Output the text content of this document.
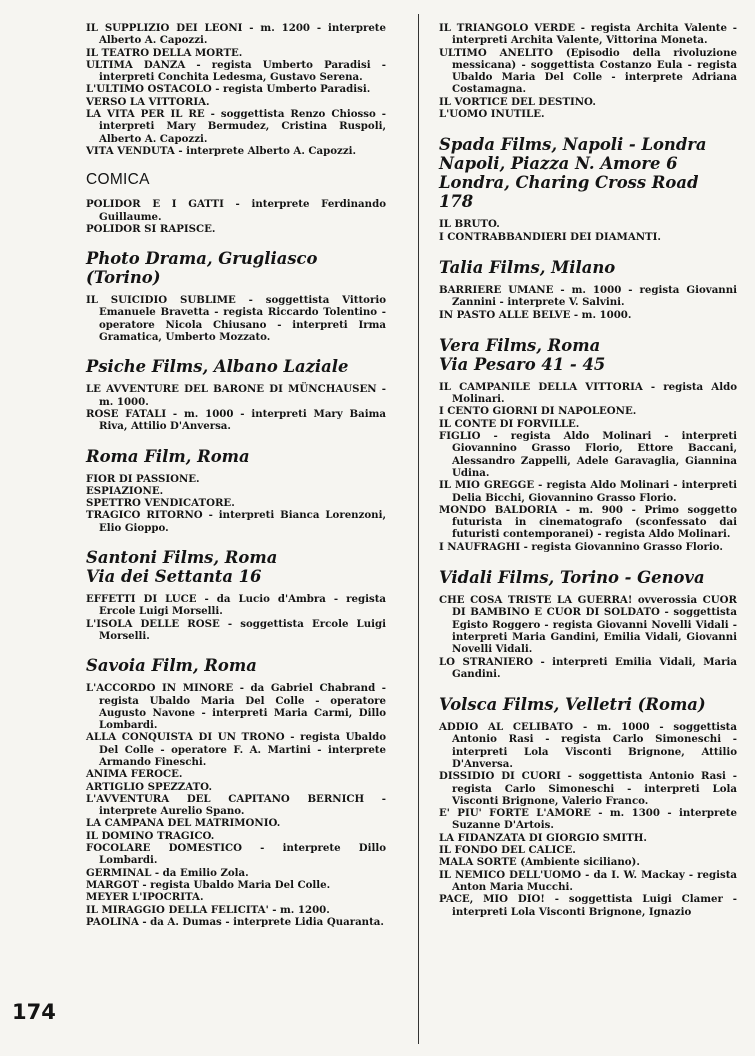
IL SUPPLIZIO DEI LEONI - m. 1200 - interprete Alberto A. Capozzi.
IL TEATRO DELLA MORTE.
ULTIMA DANZA - regista Umberto Paradisi - interpreti Conchita Ledesma, Gustavo Serena.
L'ULTIMO OSTACOLO - regista Umberto Paradisi.
VERSO LA VITTORIA.
LA VITA PER IL RE - soggettista Renzo Chiosso - interpreti Mary Bermudez, Cristina Ruspoli, Alberto A. Capozzi.
VITA VENDUTA - interprete Alberto A. Capozzi.
COMICA
POLIDOR E I GATTI - interprete Ferdinando Guillaume.
POLIDOR SI RAPISCE.
Photo Drama, Grugliasco (Torino)
IL SUICIDIO SUBLIME - soggettista Vittorio Emanuele Bravetta - regista Riccardo Tolentino - operatore Nicola Chiusano - interpreti Irma Gramatica, Umberto Mozzato.
Psiche Films, Albano Laziale
LE AVVENTURE DEL BARONE DI MÜNCHAUSEN - m. 1000.
ROSE FATALI - m. 1000 - interpreti Mary Baima Riva, Attilio D'Anversa.
Roma Film, Roma
FIOR DI PASSIONE.
ESPIAZIONE.
SPETTRO VENDICATORE.
TRAGICO RITORNO - interpreti Bianca Lorenzoni, Elio Gioppo.
Santoni Films, Roma
Via dei Settanta 16
EFFETTI DI LUCE - da Lucio d'Ambra - regista Ercole Luigi Morselli.
L'ISOLA DELLE ROSE - soggettista Ercole Luigi Morselli.
Savoia Film, Roma
L'ACCORDO IN MINORE - da Gabriel Chabrand - regista Ubaldo Maria Del Colle - operatore Augusto Navone - interpreti Maria Carmi, Dillo Lombardi.
ALLA CONQUISTA DI UN TRONO - regista Ubaldo Del Colle - operatore F. A. Martini - interprete Armando Fineschi.
ANIMA FEROCE.
ARTIGLIO SPEZZATO.
L'AVVENTURA DEL CAPITANO BERNICH - interprete Aurelio Spano.
LA CAMPANA DEL MATRIMONIO.
IL DOMINO TRAGICO.
FOCOLARE DOMESTICO - interprete Dillo Lombardi.
GERMINAL - da Emilio Zola.
MARGOT - regista Ubaldo Maria Del Colle.
MEYER L'IPOCRITA.
IL MIRAGGIO DELLA FELICITA' - m. 1200.
PAOLINA - da A. Dumas - interprete Lidia Quaranta.
IL TRIANGOLO VERDE - regista Archita Valente - interpreti Archita Valente, Vittorina Moneta.
ULTIMO ANELITO (Episodio della rivoluzione messicana) - soggettista Costanzo Eula - regista Ubaldo Maria Del Colle - interprete Adriana Costamagna.
IL VORTICE DEL DESTINO.
L'UOMO INUTILE.
Spada Films, Napoli - Londra
Napoli, Piazza N. Amore 6
Londra, Charing Cross Road 178
IL BRUTO.
I CONTRABBANDIERI DEI DIAMANTI.
Talia Films, Milano
BARRIERE UMANE - m. 1000 - regista Giovanni Zannini - interprete V. Salvini.
IN PASTO ALLE BELVE - m. 1000.
Vera Films, Roma
Via Pesaro 41 - 45
IL CAMPANILE DELLA VITTORIA - regista Aldo Molinari.
I CENTO GIORNI DI NAPOLEONE.
IL CONTE DI FORVILLE.
FIGLIO - regista Aldo Molinari - interpreti Giovannino Grasso Florio, Ettore Baccani, Alessandro Zappelli, Adele Garavaglia, Giannina Udina.
IL MIO GREGGE - regista Aldo Molinari - interpreti Delia Bicchi, Giovannino Grasso Florio.
MONDO BALDORIA - m. 900 - Primo soggetto futurista in cinematografo (sconfessato dai futuristi contemporanei) - regista Aldo Molinari.
I NAUFRAGHI - regista Giovannino Grasso Florio.
Vidali Films, Torino - Genova
CHE COSA TRISTE LA GUERRA! ovverossia CUOR DI BAMBINO E CUOR DI SOLDATO - soggettista Egisto Roggero - regista Giovanni Novelli Vidali - interpreti Maria Gandini, Emilia Vidali, Giovanni Novelli Vidali.
LO STRANIERO - interpreti Emilia Vidali, Maria Gandini.
Volsca Films, Velletri (Roma)
ADDIO AL CELIBATO - m. 1000 - soggettista Antonio Rasi - regista Carlo Simoneschi - interpreti Lola Visconti Brignone, Attilio D'Anversa.
DISSIDIO DI CUORI - soggettista Antonio Rasi - regista Carlo Simoneschi - interpreti Lola Visconti Brignone, Valerio Franco.
E' PIU' FORTE L'AMORE - m. 1300 - interprete Suzanne D'Artois.
LA FIDANZATA DI GIORGIO SMITH.
IL FONDO DEL CALICE.
MALA SORTE (Ambiente siciliano).
IL NEMICO DELL'UOMO - da I. W. Mackay - regista Anton Maria Mucchi.
PACE, MIO DIO! - soggettista Luigi Clamer - interpreti Lola Visconti Brignone, Ignazio
174
